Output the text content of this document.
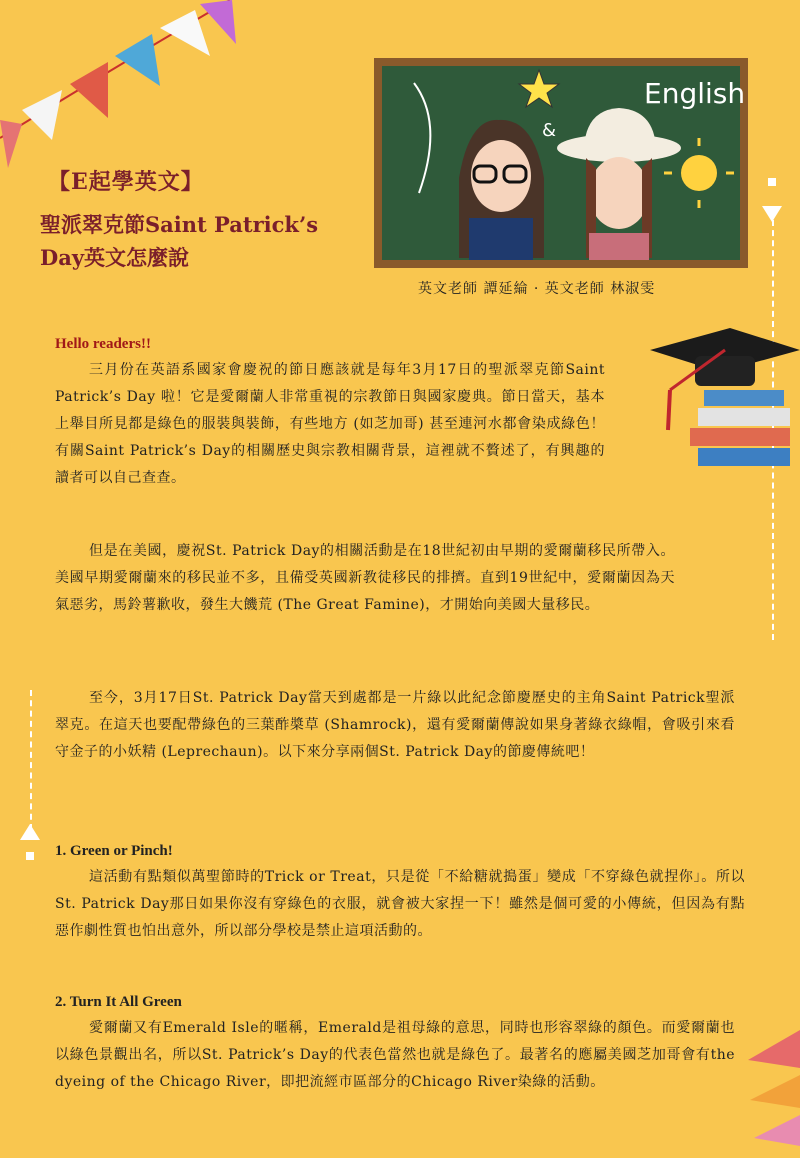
【E起學英文】
聖派翠克節Saint Patrick’s
Day英文怎麼說
English
&
英文老師 譚延綸 · 英文老師 林淑雯
Hello readers!!
三月份在英語系國家會慶祝的節日應該就是每年3月17日的聖派翠克節Saint Patrick’s Day 啦！它是愛爾蘭人非常重視的宗教節日與國家慶典。節日當天，基本上舉目所見都是綠色的服裝與裝飾，有些地方 (如芝加哥) 甚至連河水都會染成綠色！有關Saint Patrick’s Day的相關歷史與宗教相關背景，這裡就不贅述了，有興趣的讀者可以自己查查。
但是在美國，慶祝St. Patrick Day的相關活動是在18世紀初由早期的愛爾蘭移民所帶入。美國早期愛爾蘭來的移民並不多，且備受英國新教徒移民的排擠。直到19世紀中，愛爾蘭因為天氣惡劣，馬鈴薯歉收，發生大饑荒 (The Great Famine)，才開始向美國大量移民。
至今，3月17日St. Patrick Day當天到處都是一片綠以此紀念節慶歷史的主角Saint Patrick聖派翠克。在這天也要配帶綠色的三葉酢槳草 (Shamrock)，還有愛爾蘭傳說如果身著綠衣綠帽，會吸引來看守金子的小妖精 (Leprechaun)。以下來分享兩個St. Patrick Day的節慶傳統吧！
1. Green or Pinch!
這活動有點類似萬聖節時的Trick or Treat，只是從「不給糖就搗蛋」變成「不穿綠色就捏你」。所以St. Patrick Day那日如果你沒有穿綠色的衣服，就會被大家捏一下！雖然是個可愛的小傳統，但因為有點惡作劇性質也怕出意外，所以部分學校是禁止這項活動的。
2. Turn It All Green
愛爾蘭又有Emerald Isle的暱稱，Emerald是祖母綠的意思，同時也形容翠綠的顏色。而愛爾蘭也以綠色景觀出名，所以St. Patrick’s Day的代表色當然也就是綠色了。最著名的應屬美國芝加哥會有the dyeing of the Chicago River，即把流經市區部分的Chicago River染綠的活動。
